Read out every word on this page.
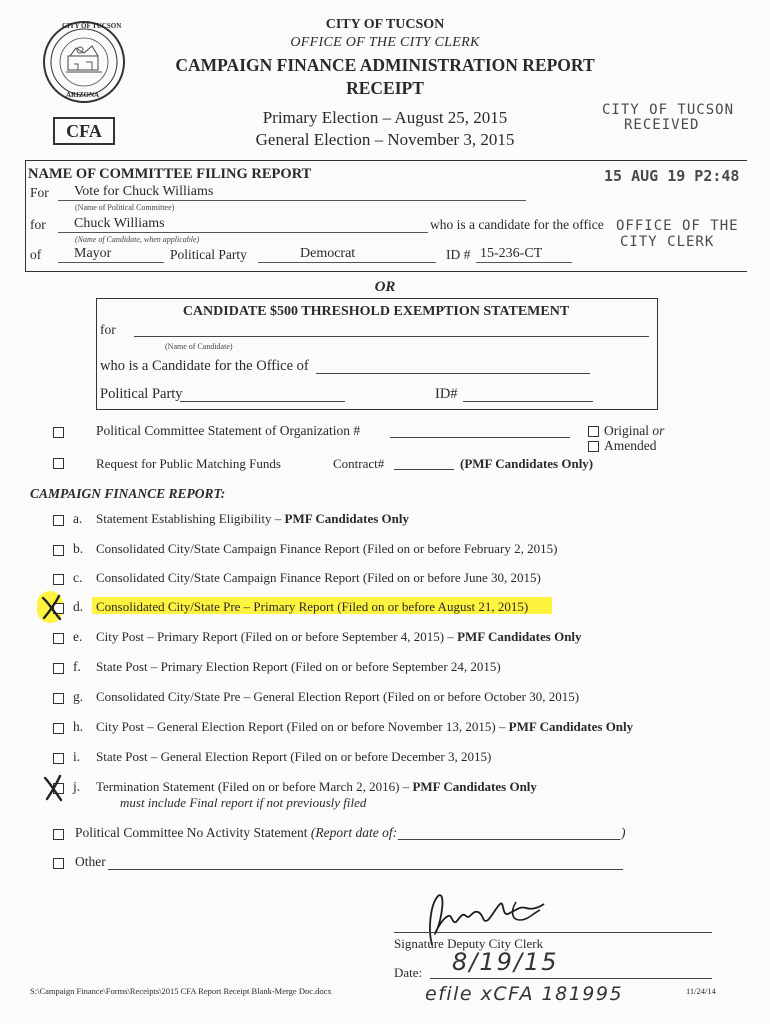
CITY OF TUCSON
ARIZONA
CITY OF TUCSON
OFFICE OF THE CITY CLERK
CAMPAIGN FINANCE ADMINISTRATION REPORT
RECEIPT
Primary Election – August 25, 2015
General Election – November 3, 2015
CFA
CITY OF TUCSON
RECEIVED
15 AUG 19 P2:48
OFFICE OF THE
CITY CLERK
NAME OF COMMITTEE FILING REPORT
For	Vote for Chuck Williams
(Name of Political Committee)
for	Chuck Williams	who is a candidate for the office
(Name of Candidate, when applicable)
of	Mayor	Political Party	Democrat	ID # 15-236-CT
OR
CANDIDATE $500 THRESHOLD EXEMPTION STATEMENT
for
(Name of Candidate)
who is a Candidate for the Office of
Political Party	ID#
Political Committee Statement of Organization #	Original or
Amended
Request for Public Matching Funds	Contract#	(PMF Candidates Only)
CAMPAIGN FINANCE REPORT:
a. Statement Establishing Eligibility – PMF Candidates Only
b. Consolidated City/State Campaign Finance Report (Filed on or before February 2, 2015)
c. Consolidated City/State Campaign Finance Report (Filed on or before June 30, 2015)
d. Consolidated City/State Pre – Primary Report (Filed on or before August 21, 2015)
e. City Post – Primary Report (Filed on or before September 4, 2015) – PMF Candidates Only
f. State Post – Primary Election Report (Filed on or before September 24, 2015)
g. Consolidated City/State Pre – General Election Report (Filed on or before October 30, 2015)
h. City Post – General Election Report (Filed on or before November 13, 2015) – PMF Candidates Only
i. State Post – General Election Report (Filed on or before December 3, 2015)
j. Termination Statement (Filed on or before March 2, 2016) – PMF Candidates Only
must include Final report if not previously filed
Political Committee No Activity Statement (Report date of:	)
Other
Signature Deputy City Clerk
Date: 8/19/15
efile xCFA 181995
S:\Campaign Finance\Forms\Receipts\2015 CFA Report Receipt Blank-Merge Doc.docx	11/24/14
